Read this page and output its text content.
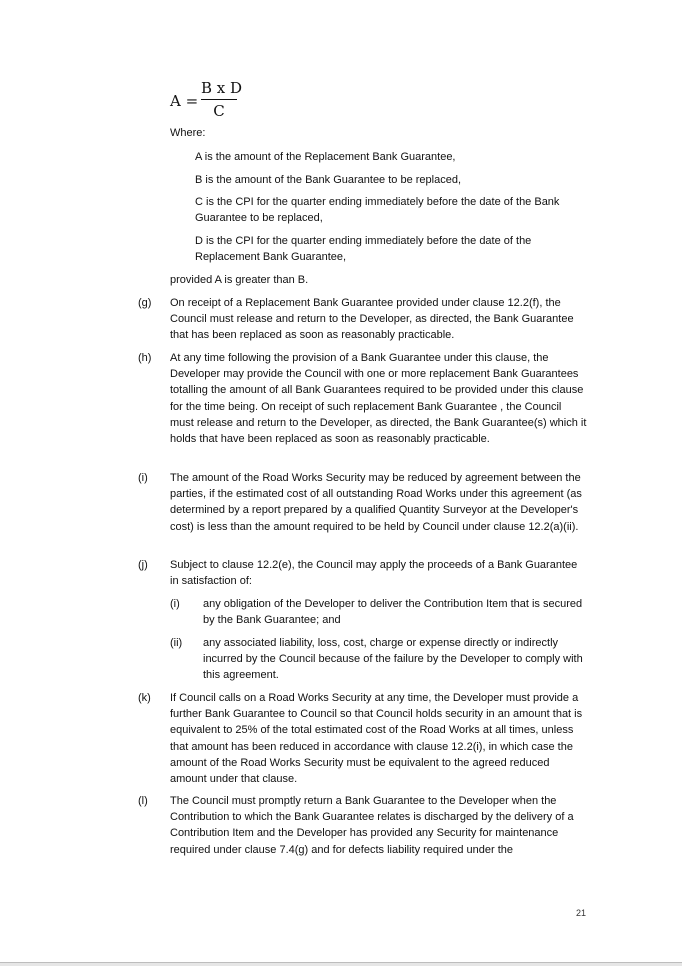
A =
B x D
C
Where:
A is the amount of the Replacement Bank Guarantee,
B is the amount of the Bank Guarantee to be replaced,
C is the CPI for the quarter ending immediately before the date of the Bank Guarantee to be replaced,
D is the CPI for the quarter ending immediately before the date of the Replacement Bank Guarantee,
provided A is greater than B.
(g) On receipt of a Replacement Bank Guarantee provided under clause 12.2(f), the Council must release and return to the Developer, as directed, the Bank Guarantee that has been replaced as soon as reasonably practicable.
(h) At any time following the provision of a Bank Guarantee under this clause, the Developer may provide the Council with one or more replacement Bank Guarantees totalling the amount of all Bank Guarantees required to be provided under this clause for the time being. On receipt of such replacement Bank Guarantee , the Council must release and return to the Developer, as directed, the Bank Guarantee(s) which it holds that have been replaced as soon as reasonably practicable.
(i) The amount of the Road Works Security may be reduced by agreement between the parties, if the estimated cost of all outstanding Road Works under this agreement (as determined by a report prepared by a qualified Quantity Surveyor at the Developer's cost) is less than the amount required to be held by Council under clause 12.2(a)(ii).
(j) Subject to clause 12.2(e), the Council may apply the proceeds of a Bank Guarantee in satisfaction of:
(i) any obligation of the Developer to deliver the Contribution Item that is secured by the Bank Guarantee; and
(ii) any associated liability, loss, cost, charge or expense directly or indirectly incurred by the Council because of the failure by the Developer to comply with this agreement.
(k) If Council calls on a Road Works Security at any time, the Developer must provide a further Bank Guarantee to Council so that Council holds security in an amount that is equivalent to 25% of the total estimated cost of the Road Works at all times, unless that amount has been reduced in accordance with clause 12.2(i), in which case the amount of the Road Works Security must be equivalent to the agreed reduced amount under that clause.
(l) The Council must promptly return a Bank Guarantee to the Developer when the Contribution to which the Bank Guarantee relates is discharged by the delivery of a Contribution Item and the Developer has provided any Security for maintenance required under clause 7.4(g) and for defects liability required under the
21
